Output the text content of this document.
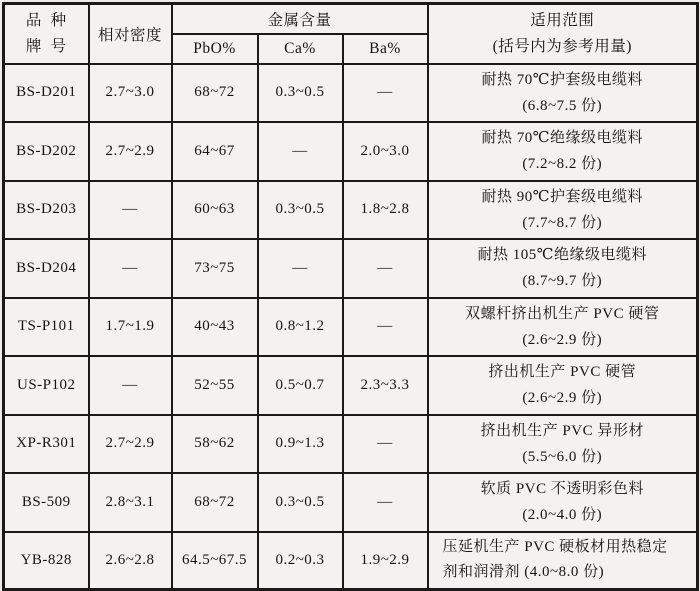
品  种
牌  号
	相对密度	金属含量	适用范围
(括号内为参考用量)

		PbO%	Ca%	Ba%	
BS-D201	2.7~3.0	68~72	0.3~0.5	—	耐热 70℃护套级电缆料
(6.8~7.5 份)

BS-D202	2.7~2.9	64~67	—	2.0~3.0	耐热 70℃绝缘级电缆料
(7.2~8.2 份)

BS-D203	—	60~63	0.3~0.5	1.8~2.8	耐热 90℃护套级电缆料
(7.7~8.7 份)

BS-D204	—	73~75	—	—	耐热 105℃绝缘级电缆料
(8.7~9.7 份)

TS-P101	1.7~1.9	40~43	0.8~1.2	—	双螺杆挤出机生产 PVC 硬管
(2.6~2.9 份)

US-P102	—	52~55	0.5~0.7	2.3~3.3	挤出机生产 PVC 硬管
(2.6~2.9 份)

XP-R301	2.7~2.9	58~62	0.9~1.3	—	挤出机生产 PVC 异形材
(5.5~6.0 份)

BS-509	2.8~3.1	68~72	0.3~0.5	—	软质 PVC 不透明彩色料
(2.0~4.0 份)

YB-828	2.6~2.8	64.5~67.5	0.2~0.3	1.9~2.9	压延机生产 PVC 硬板材用热稳定
剂和润滑剂 (4.0~8.0 份)
